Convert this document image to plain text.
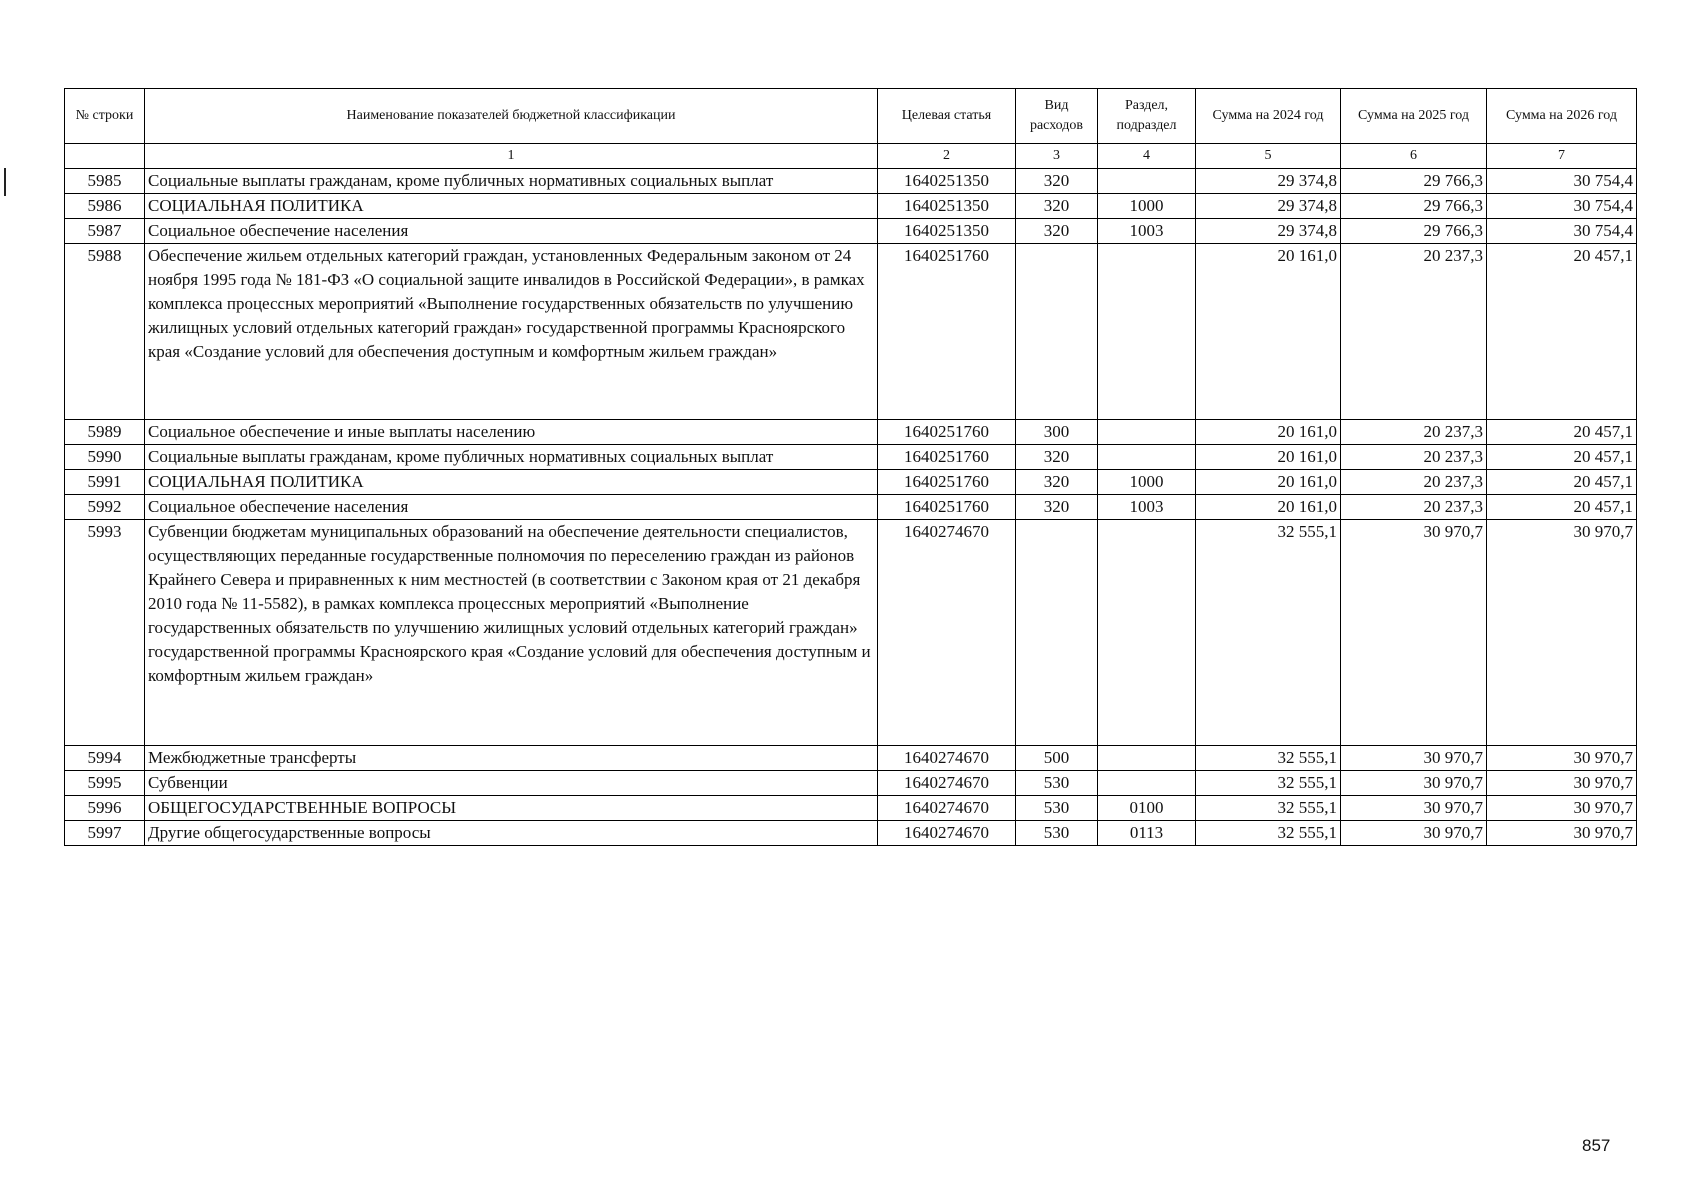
№ строки	Наименование показателей бюджетной классификации	Целевая статья	Вид расходов	Раздел, подраздел	Сумма на 2024 год	Сумма на 2025 год	Сумма на 2026 год
	1	2	3	4	5	6	7
5985	Социальные выплаты гражданам, кроме публичных нормативных социальных выплат	1640251350	320		29 374,8	29 766,3	30 754,4
5986	СОЦИАЛЬНАЯ ПОЛИТИКА	1640251350	320	1000	29 374,8	29 766,3	30 754,4
5987	Социальное обеспечение населения	1640251350	320	1003	29 374,8	29 766,3	30 754,4
5988	Обеспечение жильем отдельных категорий граждан, установленных Федеральным законом от 24 ноября 1995 года № 181-ФЗ «О социальной защите инвалидов в Российской Федерации», в рамках комплекса процессных мероприятий «Выполнение государственных обязательств по улучшению жилищных условий отдельных категорий граждан» государственной программы Красноярского края «Создание условий для обеспечения доступным и комфортным жильем граждан»	1640251760			20 161,0	20 237,3	20 457,1
5989	Социальное обеспечение и иные выплаты населению	1640251760	300		20 161,0	20 237,3	20 457,1
5990	Социальные выплаты гражданам, кроме публичных нормативных социальных выплат	1640251760	320		20 161,0	20 237,3	20 457,1
5991	СОЦИАЛЬНАЯ ПОЛИТИКА	1640251760	320	1000	20 161,0	20 237,3	20 457,1
5992	Социальное обеспечение населения	1640251760	320	1003	20 161,0	20 237,3	20 457,1
5993	Субвенции бюджетам муниципальных образований на обеспечение деятельности специалистов, осуществляющих переданные государственные полномочия по переселению граждан из районов Крайнего Севера и приравненных к ним местностей (в соответствии с Законом края от 21 декабря 2010 года № 11-5582), в рамках комплекса процессных мероприятий «Выполнение государственных обязательств по улучшению жилищных условий отдельных категорий граждан» государственной программы Красноярского края «Создание условий для обеспечения доступным и комфортным жильем граждан»	1640274670			32 555,1	30 970,7	30 970,7
5994	Межбюджетные трансферты	1640274670	500		32 555,1	30 970,7	30 970,7
5995	Субвенции	1640274670	530		32 555,1	30 970,7	30 970,7
5996	ОБЩЕГОСУДАРСТВЕННЫЕ ВОПРОСЫ	1640274670	530	0100	32 555,1	30 970,7	30 970,7
5997	Другие общегосударственные вопросы	1640274670	530	0113	32 555,1	30 970,7	30 970,7
857
